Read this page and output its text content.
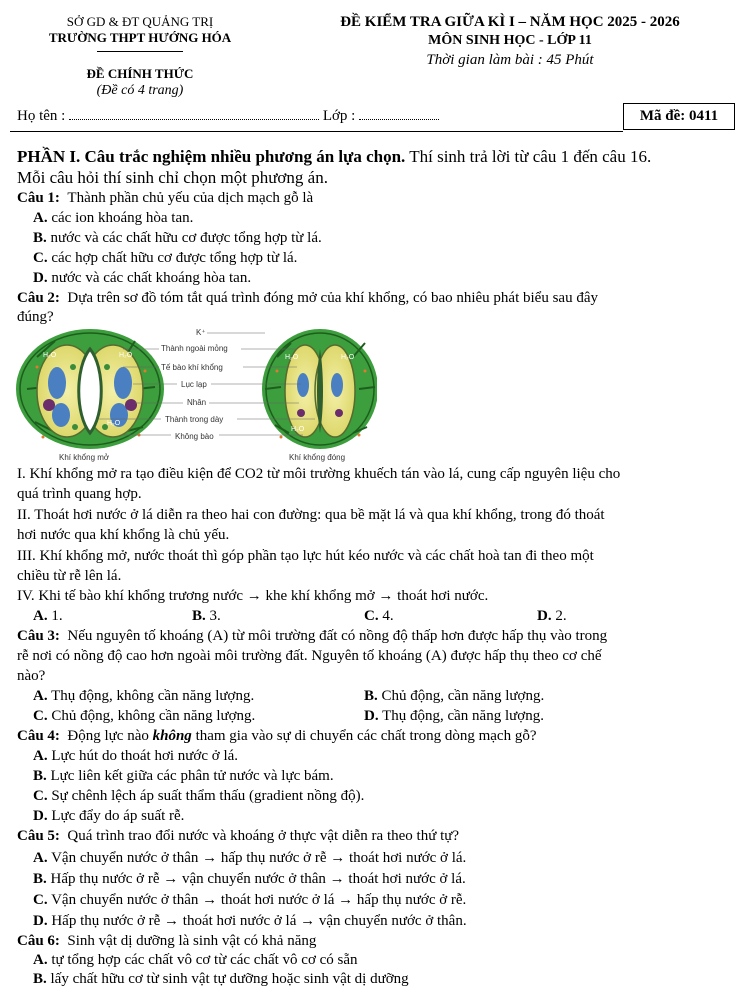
SỞ GD & ĐT QUẢNG TRỊ
TRƯỜNG THPT HƯỚNG HÓA
ĐỀ CHÍNH THỨC
(Đề có 4 trang)
ĐỀ KIỂM TRA GIỮA KÌ I – NĂM HỌC 2025 - 2026
MÔN SINH HỌC - LỚP 11
Thời gian làm bài : 45 Phút
Họ tên :	Lớp :	Mã đề: 0411
PHẦN I. Câu trắc nghiệm nhiều phương án lựa chọn. Thí sinh trả lời từ câu 1 đến câu 16.
Mỗi câu hỏi thí sinh chỉ chọn một phương án.
Câu 1: Thành phần chủ yếu của dịch mạch gỗ là
A. các ion khoáng hòa tan.
B. nước và các chất hữu cơ được tổng hợp từ lá.
C. các hợp chất hữu cơ được tổng hợp từ lá.
D. nước và các chất khoáng hòa tan.
Câu 2: Dựa trên sơ đồ tóm tắt quá trình đóng mở của khí khổng, có bao nhiêu phát biểu sau đây
đúng?
H₂O	H₂O
H₂O
H₂O	H₂O
H₂O
K⁺
Thành ngoài mỏng
Tế bào khí khổng
Lục lạp
Nhân
Thành trong dày
Không bào
Khí khổng mở	Khí khổng đóng
I. Khí khổng mở ra tạo điều kiện để CO2 từ môi trường khuếch tán vào lá, cung cấp nguyên liệu cho
quá trình quang hợp.
II. Thoát hơi nước ở lá diễn ra theo hai con đường: qua bề mặt lá và qua khí khổng, trong đó thoát
hơi nước qua khí khổng là chủ yếu.
III. Khí khổng mở, nước thoát thì góp phần tạo lực hút kéo nước và các chất hoà tan đi theo một
chiều từ rễ lên lá.
IV. Khi tế bào khí khổng trương nước → khe khí khổng mở → thoát hơi nước.
A. 1.	B. 3.	C. 4.	D. 2.
Câu 3: Nếu nguyên tố khoáng (A) từ môi trường đất có nồng độ thấp hơn được hấp thụ vào trong
rễ nơi có nồng độ cao hơn ngoài môi trường đất. Nguyên tố khoáng (A) được hấp thụ theo cơ chế
nào?
A. Thụ động, không cần năng lượng.	B. Chủ động, cần năng lượng.
C. Chủ động, không cần năng lượng.	D. Thụ động, cần năng lượng.
Câu 4: Động lực nào không tham gia vào sự di chuyển các chất trong dòng mạch gỗ?
A. Lực hút do thoát hơi nước ở lá.
B. Lực liên kết giữa các phân tử nước và lực bám.
C. Sự chênh lệch áp suất thẩm thấu (gradient nồng độ).
D. Lực đẩy do áp suất rễ.
Câu 5: Quá trình trao đổi nước và khoáng ở thực vật diễn ra theo thứ tự?
A. Vận chuyển nước ở thân → hấp thụ nước ở rễ → thoát hơi nước ở lá.
B. Hấp thụ nước ở rễ → vận chuyển nước ở thân → thoát hơi nước ở lá.
C. Vận chuyển nước ở thân → thoát hơi nước ở lá → hấp thụ nước ở rễ.
D. Hấp thụ nước ở rễ → thoát hơi nước ở lá → vận chuyển nước ở thân.
Câu 6: Sinh vật dị dưỡng là sinh vật có khả năng
A. tự tổng hợp các chất vô cơ từ các chất vô cơ có sẵn
B. lấy chất hữu cơ từ sinh vật tự dưỡng hoặc sinh vật dị dưỡng
